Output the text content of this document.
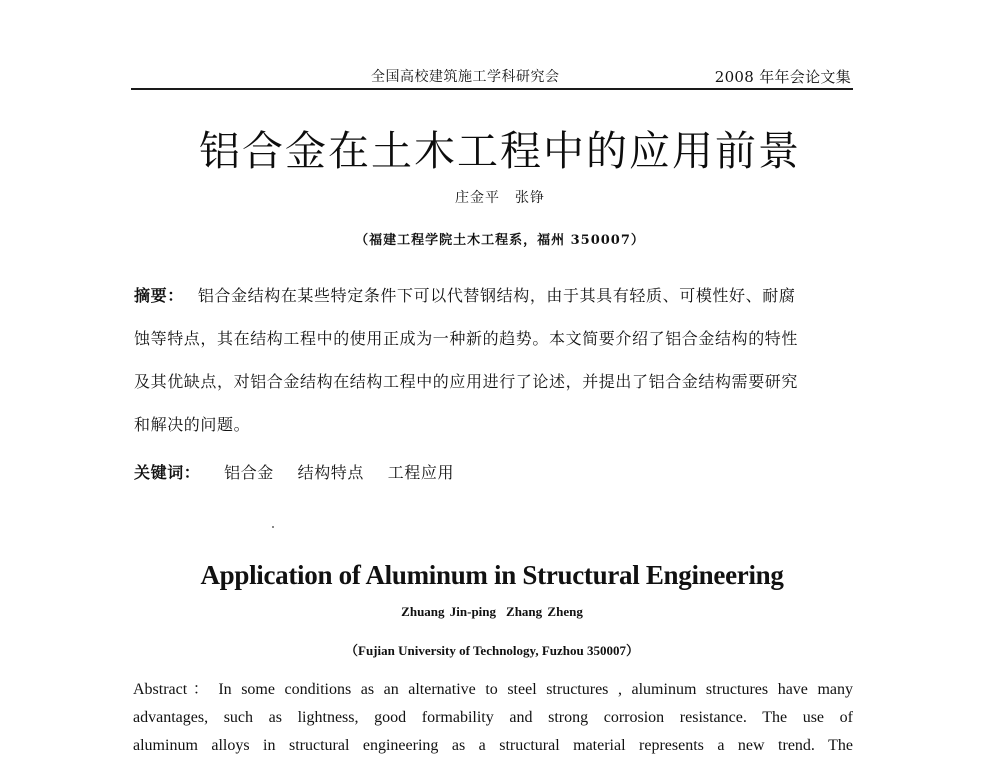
全国高校建筑施工学科研究会	2008 年年会论文集
铝合金在土木工程中的应用前景
庄金平　张铮
（福建工程学院土木工程系，福州 350007）
摘要： 铝合金结构在某些特定条件下可以代替钢结构，由于其具有轻质、可模性好、耐腐
蚀等特点，其在结构工程中的使用正成为一种新的趋势。本文简要介绍了铝合金结构的特性
及其优缺点，对铝合金结构在结构工程中的应用进行了论述，并提出了铝合金结构需要研究
和解决的问题。
关键词： 铝合金 结构特点 工程应用
Application of Aluminum in Structural Engineering
Zhuang Jin-ping Zhang Zheng
（Fujian University of Technology, Fuzhou 350007）
Abstract： In some conditions as an alternative to steel structures , aluminum structures have many
advantages, such as lightness, good formability and strong corrosion resistance. The use of
aluminum alloys in structural engineering as a structural material represents a new trend. The
